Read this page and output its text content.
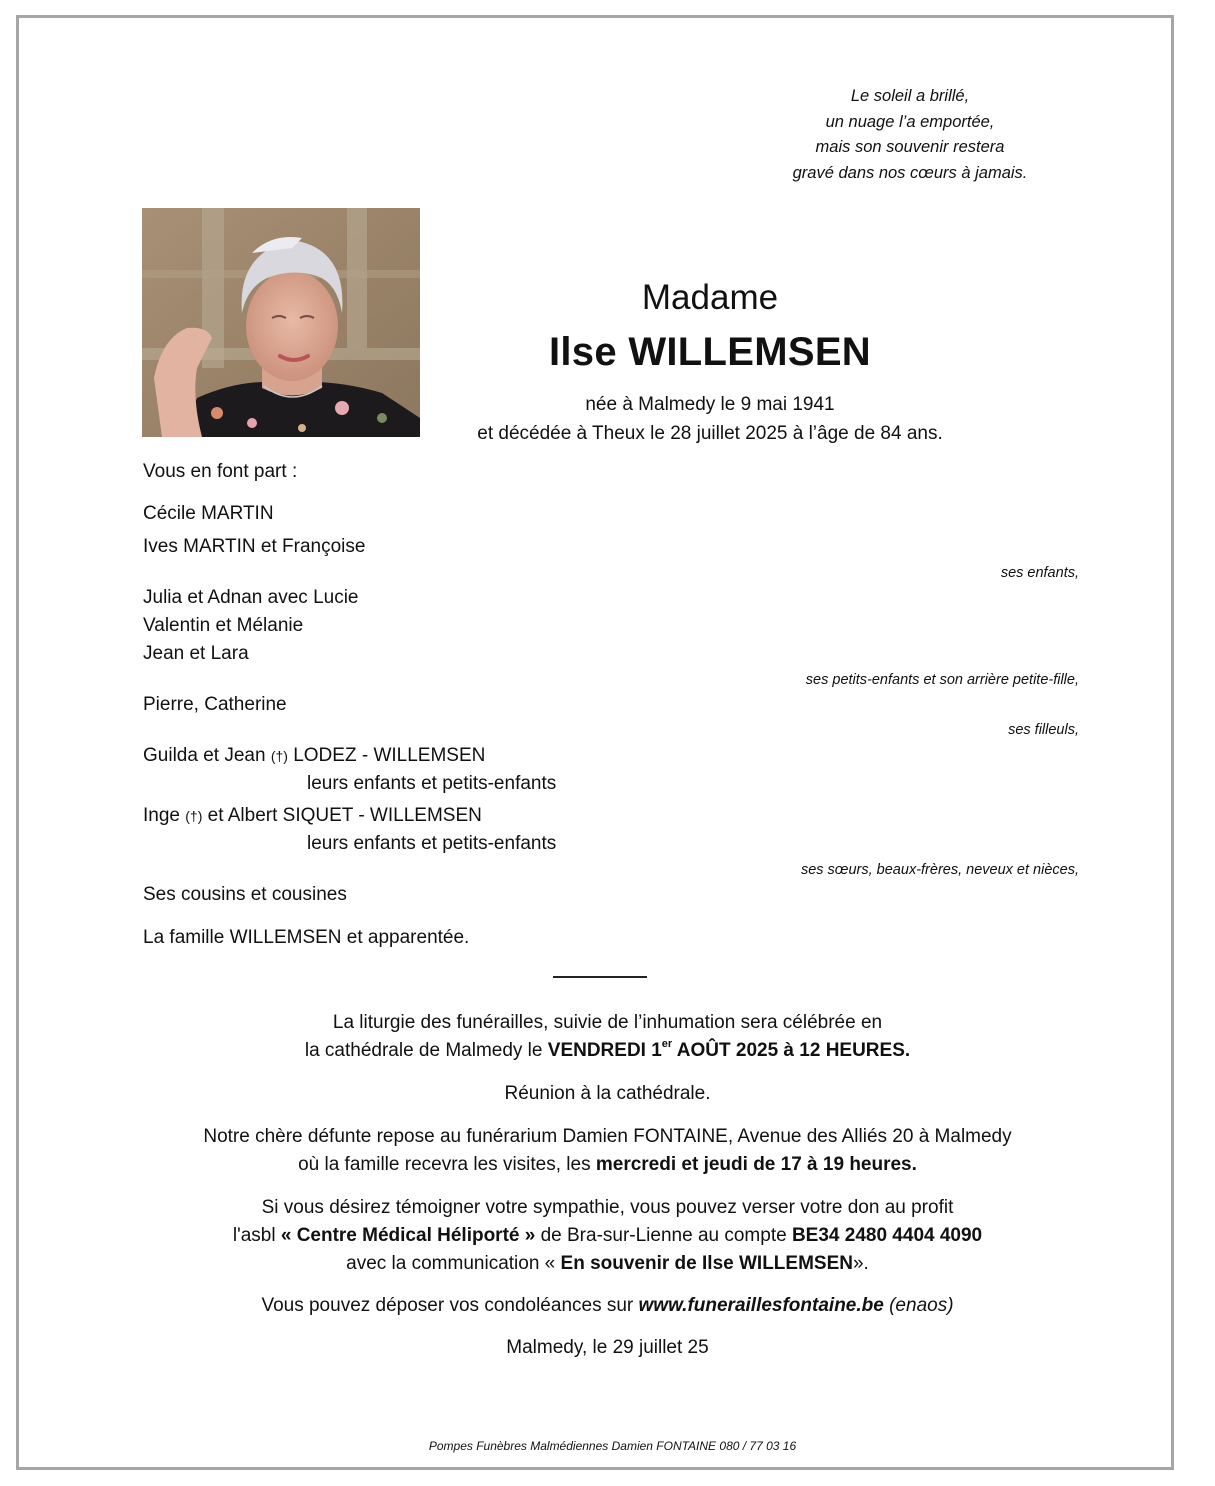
Le soleil a brillé,
un nuage l’a emportée,
mais son souvenir restera
gravé dans nos cœurs à jamais.
Madame
Ilse WILLEMSEN
née à Malmedy le 9 mai 1941
et décédée à Theux le 28 juillet 2025 à l’âge de 84 ans.
Vous en font part :
Cécile MARTIN
Ives MARTIN et Françoise
ses enfants,
Julia et Adnan avec Lucie
Valentin et Mélanie
Jean et Lara
ses petits-enfants et son arrière petite-fille,
Pierre, Catherine
ses filleuls,
Guilda et Jean (†) LODEZ - WILLEMSEN
leurs enfants et petits-enfants
Inge (†) et Albert SIQUET - WILLEMSEN
leurs enfants et petits-enfants
ses sœurs, beaux-frères, neveux et nièces,
Ses cousins et cousines
La famille WILLEMSEN et apparentée.
La liturgie des funérailles, suivie de l’inhumation sera célébrée en
la cathédrale de Malmedy le VENDREDI 1er AOÛT 2025 à 12 HEURES.
Réunion à la cathédrale.
Notre chère défunte repose au funérarium Damien FONTAINE, Avenue des Alliés 20 à Malmedy
où la famille recevra les visites, les mercredi et jeudi de 17 à 19 heures.
Si vous désirez témoigner votre sympathie, vous pouvez verser votre don au profit
l'asbl « Centre Médical Héliporté » de Bra-sur-Lienne au compte BE34 2480 4404 4090
avec la communication « En souvenir de Ilse WILLEMSEN».
Vous pouvez déposer vos condoléances sur www.funeraillesfontaine.be (enaos)
Malmedy, le 29 juillet 25
Pompes Funèbres Malmédiennes Damien FONTAINE 080 / 77 03 16
